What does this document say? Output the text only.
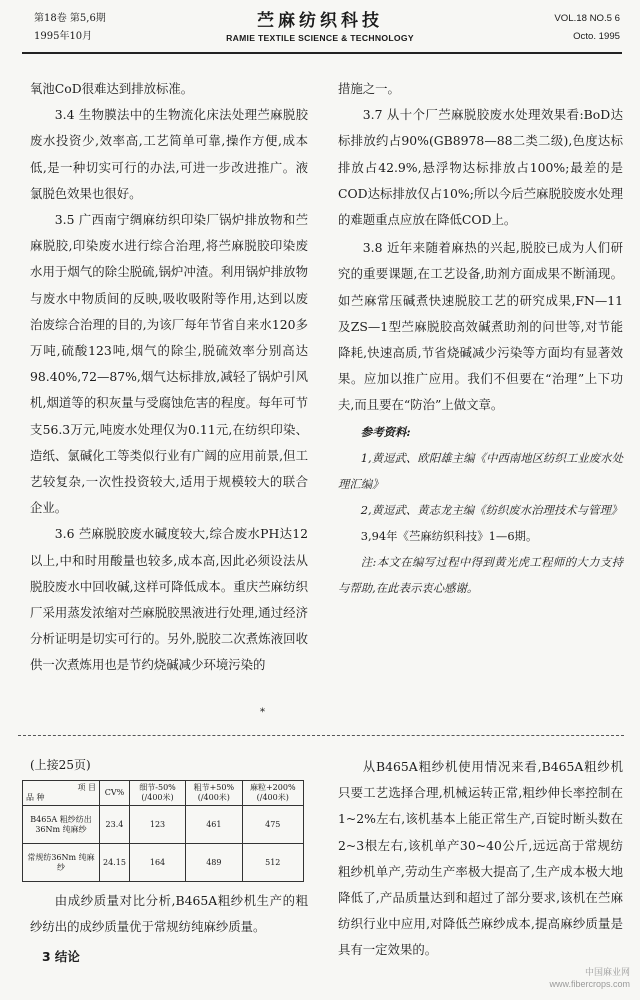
第18卷 第5,6期
1995年10月
苎麻纺织科技
RAMIE TEXTILE SCIENCE & TECHNOLOGY
VOL.18 NO.5 6
Octo. 1995

氧池CoD很难达到排放标准。

3.4 生物膜法中的生物流化床法处理苎麻脱胶废水投资少,效率高,工艺简单可靠,操作方便,成本低,是一种切实可行的办法,可进一步改进推广。液氯脱色效果也很好。

3.5 广西南宁绸麻纺织印染厂锅炉排放物和苎麻脱胶,印染废水进行综合治理,将苎麻脱胶印染废水用于烟气的除尘脱硫,锅炉冲渣。利用锅炉排放物与废水中物质间的反映,吸收吸附等作用,达到以废治废综合治理的目的,为该厂每年节省自来水120多万吨,硫酸123吨,烟气的除尘,脱硫效率分别高达98.40%,72—87%,烟气达标排放,减轻了锅炉引风机,烟道等的积灰量与受腐蚀危害的程度。每年可节支56.3万元,吨废水处理仅为0.11元,在纺织印染、造纸、氯碱化工等类似行业有广阔的应用前景,但工艺较复杂,一次性投资较大,适用于规模较大的联合企业。

3.6 苎麻脱胶废水碱度较大,综合废水PH达12以上,中和时用酸量也较多,成本高,因此必须设法从脱胶废水中回收碱,这样可降低成本。重庆苎麻纺织厂采用蒸发浓缩对苎麻脱胶黑液进行处理,通过经济分析证明是切实可行的。另外,脱胶二次煮炼液回收供一次煮炼用也是节约烧碱减少环境污染的

措施之一。

3.7 从十个厂苎麻脱胶废水处理效果看:BoD达标排放约占90%(GB8978—88二类二级),色度达标排放占42.9%,悬浮物达标排放占100%;最差的是COD达标排放仅占10%;所以今后苎麻脱胶废水处理的难题重点应放在降低COD上。

3.8 近年来随着麻热的兴起,脱胶已成为人们研究的重要课题,在工艺设备,助剂方面成果不断涌现。如苎麻常压碱煮快速脱胶工艺的研究成果,FN—11及ZS—1型苎麻脱胶高效碱煮助剂的问世等,对节能降耗,快速高质,节省烧碱减少污染等方面均有显著效果。应加以推广应用。我们不但要在“治理”上下功夫,而且要在“防治”上做文章。

参考资料:
1,黄逗武、欧阳雄主编《中西南地区纺织工业废水处理汇编》
2,黄逗武、黄志龙主编《纺织废水治理技术与管理》
3,94年《苎麻纺织科技》1—6期。
注:本文在编写过程中得到黄光虎工程师的大力支持与帮助,在此表示衷心感谢。
*
(上接25页)
项 目
品 种	CV%	细节-50%(/400米)	粗节+50%(/400米)	麻粒+200%(/400米)
B465A 粗纱纺出36Nm 纯麻纱	23.4	123	461	475
常规纺36Nm 纯麻纱	24.15	164	489	512

由成纱质量对比分析,B465A粗纱机生产的粗纱纺出的成纱质量优于常规纺纯麻纱质量。

3 结论

从B465A粗纱机使用情况来看,B465A粗纱机只要工艺选择合理,机械运转正常,粗纱伸长率控制在1~2%左右,该机基本上能正常生产,百锭时断头数在2~3根左右,该机单产30~40公斤,远远高于常规纺粗纱机单产,劳动生产率极大提高了,生产成本极大地降低了,产品质量达到和超过了部分要求,该机在苎麻纺织行业中应用,对降低苎麻纱成本,提高麻纱质量是具有一定效果的。

中国麻业网
www.fibercrops.com
